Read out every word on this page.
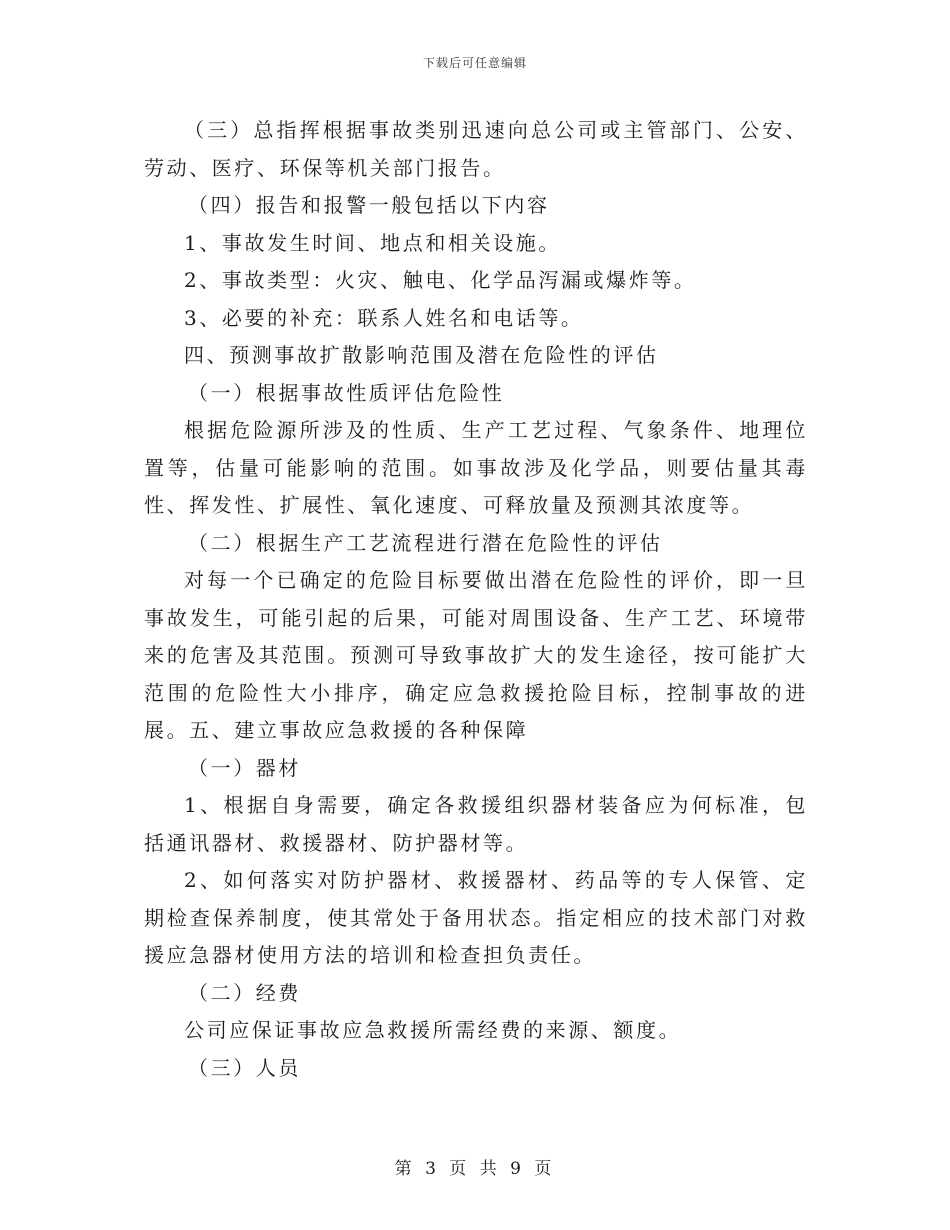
下载后可任意编辑

（三）总指挥根据事故类别迅速向总公司或主管部门、公安、劳动、医疗、环保等机关部门报告。

（四）报告和报警一般包括以下内容

1、事故发生时间、地点和相关设施。

2、事故类型：火灾、触电、化学品泻漏或爆炸等。

3、必要的补充：联系人姓名和电话等。

四、预测事故扩散影响范围及潜在危险性的评估

（一）根据事故性质评估危险性

根据危险源所涉及的性质、生产工艺过程、气象条件、地理位置等，估量可能影响的范围。如事故涉及化学品，则要估量其毒性、挥发性、扩展性、氧化速度、可释放量及预测其浓度等。

（二）根据生产工艺流程进行潜在危险性的评估

对每一个已确定的危险目标要做出潜在危险性的评价，即一旦事故发生，可能引起的后果，可能对周围设备、生产工艺、环境带来的危害及其范围。预测可导致事故扩大的发生途径，按可能扩大范围的危险性大小排序，确定应急救援抢险目标，控制事故的进展。五、建立事故应急救援的各种保障

（一）器材

1、根据自身需要，确定各救援组织器材装备应为何标准，包括通讯器材、救援器材、防护器材等。

2、如何落实对防护器材、救援器材、药品等的专人保管、定期检查保养制度，使其常处于备用状态。指定相应的技术部门对救援应急器材使用方法的培训和检查担负责任。

（二）经费

公司应保证事故应急救援所需经费的来源、额度。

（三）人员

第 3 页 共 9 页
